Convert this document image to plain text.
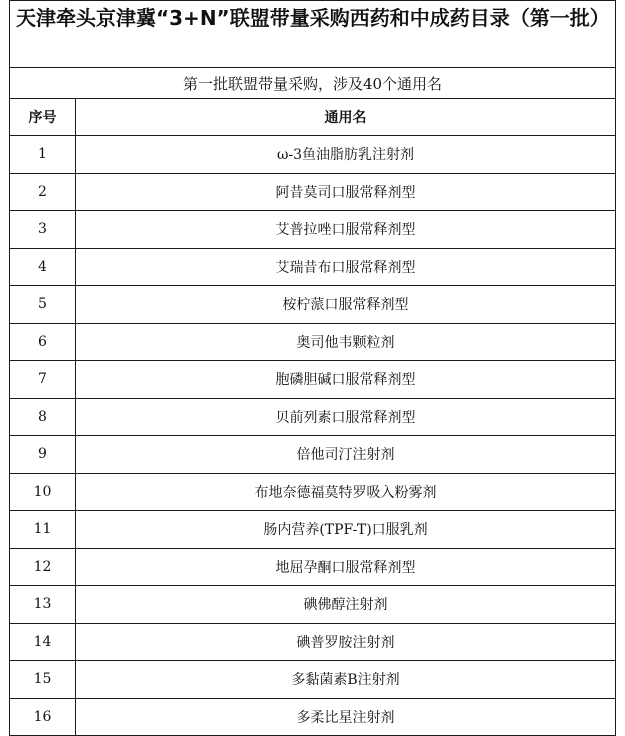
天津牵头京津冀“3+N”联盟带量采购西药和中成药目录（第一批）	
第一批联盟带量采购，涉及40个通用名	
序号	通用名
1	ω-3鱼油脂肪乳注射剂
2	阿昔莫司口服常释剂型
3	艾普拉唑口服常释剂型
4	艾瑞昔布口服常释剂型
5	桉柠蒎口服常释剂型
6	奥司他韦颗粒剂
7	胞磷胆碱口服常释剂型
8	贝前列素口服常释剂型
9	倍他司汀注射剂
10	布地奈德福莫特罗吸入粉雾剂
11	肠内营养(TPF-T)口服乳剂
12	地屈孕酮口服常释剂型
13	碘佛醇注射剂
14	碘普罗胺注射剂
15	多黏菌素B注射剂
16	多柔比星注射剂
